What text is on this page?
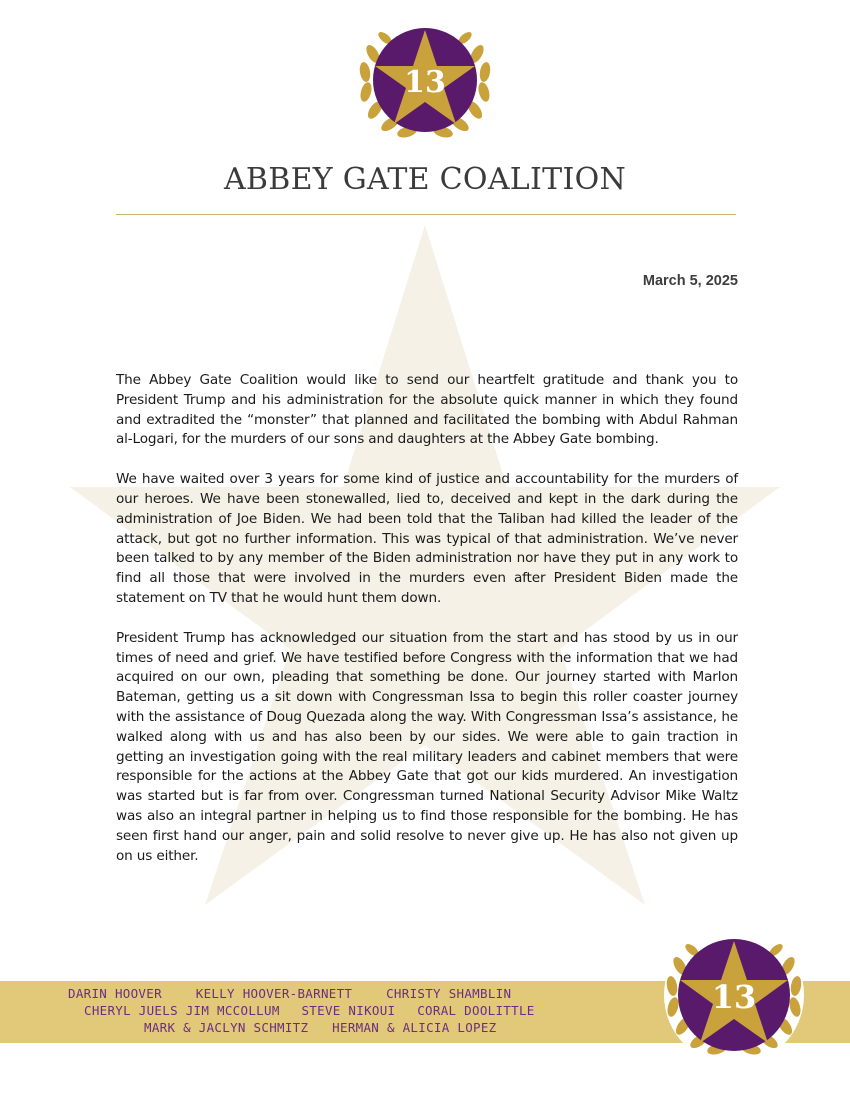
13
ABBEY GATE COALITION
March 5, 2025

The Abbey Gate Coalition would like to send our heartfelt gratitude and thank you to President Trump and his administration for the absolute quick manner in which they found and extradited the “monster” that planned and facilitated the bombing with Abdul Rahman al-Logari, for the murders of our sons and daughters at the Abbey Gate bombing.

We have waited over 3 years for some kind of justice and accountability for the murders of our heroes. We have been stonewalled, lied to, deceived and kept in the dark during the administration of Joe Biden. We had been told that the Taliban had killed the leader of the attack, but got no further information. This was typical of that administration. We’ve never been talked to by any member of the Biden administration nor have they put in any work to find all those that were involved in the murders even after President Biden made the statement on TV that he would hunt them down.

President Trump has acknowledged our situation from the start and has stood by us in our times of need and grief. We have testified before Congress with the information that we had acquired on our own, pleading that something be done. Our journey started with Marlon Bateman, getting us a sit down with Congressman Issa to begin this roller coaster journey with the assistance of Doug Quezada along the way. With Congressman Issa’s assistance, he walked along with us and has also been by our sides. We were able to gain traction in getting an investigation going with the real military leaders and cabinet members that were responsible for the actions at the Abbey Gate that got our kids murdered. An investigation was started but is far from over. Congressman turned National Security Advisor Mike Waltz was also an integral partner in helping us to find those responsible for the bombing. He has seen first hand our anger, pain and solid resolve to never give up. He has also not given up on us either.

DARIN HOOVER	KELLY HOOVER-BARNETT	CHRISTY SHAMBLIN
CHERYL JUELS JIM MCCOLLUM STEVE NIKOUI CORAL DOOLITTLE
MARK & JACLYN SCHMITZ HERMAN & ALICIA LOPEZ
13
